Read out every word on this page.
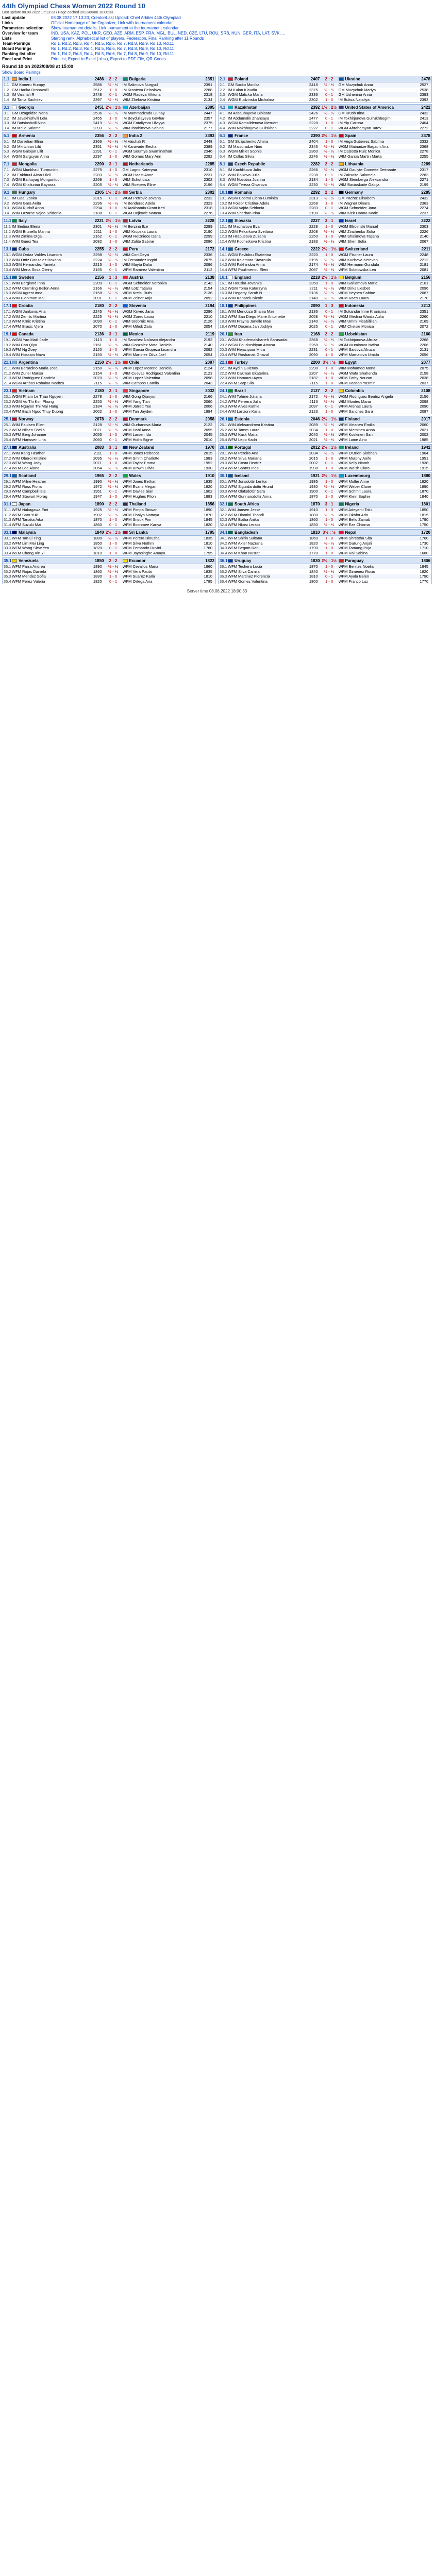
44th Olympiad Chess Women 2022 Round 10
Last update 08.08.2022 17:13:23 / Page cached 2022/08/08 18:00:33
Last update	08.08.2022 17:13:23, Creator/Last Upload: Chief Arbiter 44th Olympiad
Links	Official Homepage of the Organizer, Link with tournament calendar
Parameters selection	Show tournament details, Link tournament to the tournament calendar
Overview for team	IND, USA, KAZ, POL, UKR, GEO, AZE, ARM, ESP, FRA, MGL, BUL, NED, CZE, LTU, ROU, SRB, HUN, GER, ITA, LAT, SVK, ...
Lists	Starting rank, Alphabetical list of players, Federation, Final Ranking after 11 Rounds
Team-Pairings	Rd.1, Rd.2, Rd.3, Rd.4, Rd.5, Rd.6, Rd.7, Rd.8, Rd.9, Rd.10, Rd.11
Board Pairings	Rd.1, Rd.2, Rd.3, Rd.4, Rd.5, Rd.6, Rd.7, Rd.8, Rd.9, Rd.10, Rd.11
Ranking list after	Rd.1, Rd.2, Rd.3, Rd.4, Rd.5, Rd.6, Rd.7, Rd.8, Rd.9, Rd.10, Rd.11
Excel and Print	Print list, Export to Excel (.xlsx), Export to PDF-File, QR-Codes
Round 10 on 2022/08/08 at 15:00
Show Board Pairings
1.1	India 1	2486	2 : 2	Bulgaria	2351
1.1 GM Koneru Humpy	2586	½ - ½	IM Salimova Nurgyul	2391
1.2 GM Harika Dronavalli	2512	1 - 0	IM Krasteva Beloslava	2288
1.3 IM Vaishali R	2448	0 - 1	WGM Radeva Viktoria	2318
1.4 IM Tania Sachdev	2397	½ - ½	WIM Zhekova Kristina	2134
2.1	Poland	2407	2 : 2	Ukraine	2478
2.1 GM Socko Monika	2418	½ - ½	GM Muzychuk Anna	2527
2.2 IM Kulon Klaudia	2375	½ - ½	GM Muzychuk Mariya	2538
2.3 WGM Malicka Maria	2336	0 - 1	GM Ushenina Anna	2393
2.4 WGM Rudzinska Michalina	2302	1 - 0	IM Buksa Nataliya	2393
3.1	Georgia	2451 2½ : 1½	Azerbaijan	2395
3.1 GM Dzagnidze Nana	2536	½ - ½	IM Mammadzada Gunay	2447
3.2 IM Javakhishvili Lela	2455	1 - 0	IM Beydullayeva Govhar	2357
3.3 IM Batsiashvili Nino	2419	½ - ½	WGM Fataliyeva Ulviyya	2375
3.4 IM Melia Salome	2393	½ - ½	WIM Ibrahimova Sabina	2177
4.1	Kazakhstan	2392 1½ : 2½	United States of America	2422
4.1 IM Assaubayeva Bibisara	2426	½ - ½	GM Krush Irina	2432
4.2 IM Abdumalik Zhansaya	2477	0 - 1	IM Tokhirjonova Gulrukhbegim	2413
4.3 WGM Kamalidenova Meruert	2228	1 - 0	IM Yip Carissa	2404
4.4 WIM Nakhbayeva Guliskhan	2227	0 - 1	WGM Abrahamyan Tatev	2272
5.1	Armenia	2356	2 : 2	India 2	2393
5.1 IM Danielian Elina	2366	½ - ½	IM Vaishali R	2448
5.2 IM Mkrtchian Lilit	2351	½ - ½	IM Karavade Eesha	2389
5.3 WGM Galojan Lilit	2291	0 - 1	WGM Soumya Swaminathan	2346
5.4 WGM Sargsyan Anna	2297	1 - 0	WIM Gomes Mary Ann	2282
6.1	France	2390 2½ : 1½	Spain	2378
6.1 GM Skripchenko Almira	2404	1 - 0	IM Vega Gutierrez Sabrina	2332
6.2 IM Maisuradze Nino	2343	½ - ½	WGM Matnadze Bagauri Ana	2368
6.3 WGM Milliet Sophie	2360	½ - ½	IM Calzetta Ruiz Monica	2278
6.4 IM Collas Silvia	2246	½ - ½	WIM Garcia Martin Marta	2255
7.1	Mongolia	2290	3 : 1	Netherlands	2285
7.1 WGM Munkhzul Turmunkh	2275	1 - 0	GM Lagno Kateryna	2310
7.2 IM Enkhtuul Altan-Ulzii	2283	½ - ½	WGM Haast Anne	2231
7.3 WGM Bathuyag Mongontuul	2269	1 - 0	WIM Schut Lisa	2302
7.4 WGM Khaliunaa Bayaraa	2205	½ - ½	WIM Roebers Eline	2196
8.1	Czech Republic	2282	2 : 2	Lithuania	2289
8.1 IM Kachlikova Julia	2266	½ - ½	WGM Daulyte-Cornette Deimante	2317
8.2 WIM Bojkova Julia	2238	0 - 1	IM Zaksaite Salomeja	2283
8.3 WIM Novotna Joanna	2184	1 - 0	WGM Steinberga Aleksandra	2271
8.4 WGM Tereza Olsarova	2230	½ - ½	WIM Baciuskaite Gabija	2199
9.1	Hungary	2305 1½ : 2½	Serbia	2302
9.1 IM Gaal Zsoka	2315	0 - 1	WGM Petrovic Jovana	2232
9.2 WGM Gara Anita	2296	½ - ½	IM Benderac Adela	2323
9.3 WGM Rudolf Anna	2294	1 - 0	IM Arakhamia-Grant Keti	2318
9.4 WIM Lazarne Vajda Szidonia	2188	0 - 1	WGM Bojkovic Natasa	2276
10.1 Romania	2292	2 : 2	Germany	2285
10.1 WGM Cosma Elena-Luminita	2313	½ - ½	GM Paehtz Elisabeth	2432
10.2 IM Foisor Cristina-Adela	2268	1 - 0	IM Wagner Dinara	2363
10.3 WGM Vajda Szidonia	2283	0 - 1	WGM Schneider Jana	2274
10.4 WIM Sherban Irina	2190	½ - ½	WIM Klek Hanna Marie	2237
11.1 Italy	2221 2½ : 1½	Latvia	2228
11.1 IM Sedina Elena	2301	½ - ½	IM Berzina Ilze	2299
11.2 WGM Brunello Marina	2211	1 - 0	WIM Krupska Laura	2190
11.3 WIM Zimina Olga	2162	0 - 1	WGM Reizniece Dana	2299
11.4 WIM Gueci Tea	2082	1 - 0	WIM Zalite Sabine	2086
12.1 Slovakia	2227	3 : 1	Israel	2222
12.1 IM Machalova Eva	2228	1 - 0	WGM Efroimski Marsel	2303
12.2 WGM Pekarkova Svetlana	2208	½ - ½	WIM Zinchenko Sofia	2226
12.3 IM Hrabusova Zuzana	2250	1 - 0	WIM Shalimova Tatjana	2140
12.4 WIM Kochetkova Kristina	2183	½ - ½	WIM Shen Sofia	2067
13.1 Cuba	2255	2 : 2	Peru	2172
13.1 WGM Ordaz Valdes Lisandra	2298	½ - ½	WIM Cori Deysi	2336
13.2 WIM Ortiz Gonzalez Roxana	2224	½ - ½	IM Fernandez Ingrid	2075
13.3 WGM Hernandez Yaniela	2215	1 - 0	WIM Mayta Dalia	2096
13.4 WIM Mena Sosa Oleiny	2165	0 - 1	WFM Ramirez Valentina	2112
14.1 Greece	2222 2½ : 1½	Switzerland	2211
14.1 WGM Pavlidou Ekaterina	2220	1 - 0	WGM Fischer Laura	2248
14.2 WIM Kalamara Stavroula	2195	½ - ½	WIM Kuchava Ketevan	2212
14.3 WIM Fakhiridou Anna	2174	½ - ½	WIM Hermann Gundula	2181
14.4 WFM Poulimenou Eleni	2067	½ - ½	WFM Sobkowska Lea	2081
15.1 Sweden	2156	1 : 3	Austria	2138
15.1 WIM Berglund Inna	2209	0 - 1	WGM Schneider Veronika	2143
15.2 WFM Cramling Bellon Anna	2166	½ - ½	WIM Lotz Tatjana	2154
15.3 WGM Agrest Inna	2158	½ - ½	WFM Kreisl Ruth	2136
15.4 WIM Bjorkman Mai	2091	0 - 1	WFM Zeiner Anja	2092
16.1 England	2218 2½ : 1½	Belgium	2156
16.1 IM Houska Jovanka	2350	1 - 0	WIM Galliamova Maria	2161
16.2 WGM Toma Katarzyna	2211	½ - ½	WIM Dirks Liesbet	2096
16.3 IM Hegarty Sarah N	2136	½ - ½	WFM Heynen Sabine	2087
16.4 WIM Kanarek Nicole	2140	½ - ½	WFM Raes Laura	2170
17.1 Croatia	2180	2 : 2	Slovenia	2194
17.1 WGM Jankovic Ana	2245	½ - ½	WGM Krivec Jana	2296
17.2 WIM Zemlic Martina	2225	½ - ½	WGM Zorec Laura	2210
17.3 WFM Krnic Kristina	2090	0 - 1	WIM Srebrnic Ana	2126
17.4 WFM Brasic Vjera	2070	1 - 0	WFM Mihok Zala	2054
18.1 Philippines	2090	1 : 3	Indonesia	2213
18.1 WIM Mendoza Shania Mae	2136	0 - 1	IM Sukandar Irine Kharisma	2351
18.2 WFM San Diego Marie Antoinette	2058	½ - ½	WGM Medina Warda Aulia	2260
18.3 WIM Frayna Janelle Mae	2140	½ - ½	WIM Ummi Fisabilillah	2169
18.4 WFM Docena Jan Jodilyn	2025	0 - 1	WIM Chelsie Monica	2072
19.1 Canada	2136	3 : 1	Mexico	2119
19.1 WGM Yao Maili-Jade	2113	1 - 0	IM Sanchez Nolasco Alejandra	2192
19.2 WIM Cao Qiyu	2161	½ - ½	WIM Gonzalez Mata Daniela	2140
19.3 WFM Ng Zoey	2120	1 - 0	WFM Garcia Oropeza Lisandra	2092
19.4 WIM Hossain Nava	2150	½ - ½	WFM Martinez Oliva Jael	2054
20.1 Iran	2168	2 : 2	Uzbekistan	2160
20.1 WGM Khademalsharieh Sarasadat	2368	½ - ½	IM Tokhirjonova Afruza	2268
20.2 WGM Pourkashiyan Atousa	2268	½ - ½	WGM Muminova Nafisa	2206
20.3 WIM Hejazipour Mitra	2231	0 - 1	WFM Saidova Afruza	2131
20.4 WFM Roshanak Ghazal	2090	1 - 0	WFM Mamatova Umida	2056
21.1 Argentina	2150 2½ : 1½	Chile	2097
21.1 WIM Berardino Maria Jose	2150	½ - ½	WFM Lopez Moreno Daniela	2124
21.2 WIM Zuriel Marisa	2154	1 - 0	WIM Cuevas Rodriguez Valentina	2123
21.3 WFM Rodriguez Candela	2070	½ - ½	WFM Lopez Valentina	2098
21.4 WGM Arribas Robaina Maritza	2115	½ - ½	WIM Campos Camila	2043
22.1 Turkey	2200 3½ : ½	Egypt	2077
22.1 IM Aydin Gulenay	2290	1 - 0	WIM Mohamed Mona	2075
22.2 WIM Cakmak Ekaterina	2207	½ - ½	WGM Wafa Shahenda	2158
22.3 WIM Hamurcu Ayca	2187	1 - 0	WFM Fathy Nouran	2038
22.4 WFM Sarp Sila	2115	1 - 0	WFM Hassan Yasmin	2037
23.1 Vietnam	2180	3 : 1	Singapore	2032
23.1 WGM Pham Le Thao Nguyen	2278	1 - 0	WIM Gong Qianyun	2166
23.2 WGM Vo Thi Kim Phung	2253	½ - ½	WFM Yang Tian	2060
23.3 WIM Nguyen Thi Mai Hung	2184	½ - ½	WFM Jarrett Yee	2006
23.4 WFM Bach Ngoc Thuy Duong	2002	1 - 0	WFM Tan Jayden	1894
24.1 Brazil	2127	2 : 2	Colombia	2108
24.1 WIM Tohme Juliana	2172	½ - ½	WGM Rodriguez Beatriz Angela	2156
24.2 WFM Ferreira Julia	2116	½ - ½	WIM Montes Maria	2098
24.3 WFM Alves Kathie	2097	0 - 1	WFM Arenas Laura	2090
24.4 WIM Lanzoni Karla	2123	1 - 0	WFM Sanchez Sara	2087
25.1 Norway	2078	2 : 2	Denmark	2058
25.1 WIM Paulsen Ellen	2128	½ - ½	WIM Gurbanova Maria	2122
25.2 WFM Nilsen Sheila	2071	½ - ½	WFM Dahl Anna	2055
25.3 WFM Berg Johanne	2055	1 - 0	WFM Larsen Ida	2045
25.4 WFM Hanssen Lina	2060	0 - 1	WFM Holm Signe	2010
26.1 Estonia	2046 2½ : 1½	Finland	2017
26.1 WIM Aleksandrova Kristina	2089	½ - ½	WFM Virtanen Emilia	2060
26.2 WFM Tamm Laura	2034	1 - 0	WFM Nieminen Anna	2021
26.3 WFM Kask Maria	2040	½ - ½	WFM Koskinen Sari	2002
26.4 WFM Lepp Kadri	2021	½ - ½	WFM Laine Aino	1985
27.1 Australia	2083	3 : 1	New Zealand	1970
27.1 WIM Kang Heather	2111	1 - 0	WFM Jones Rebecca	2015
27.2 WIM Oberoi Kristine	2095	½ - ½	WFM Smith Charlotte	1983
27.3 WFM Wang Jody	2071	1 - 0	WFM Taylor Emma	1952
27.4 WFM Lee Alana	2054	½ - ½	WFM Brown Olivia	1930
28.1 Portugal	2012 2½ : 1½	Ireland	1942
28.1 WFM Pereira Ana	2034	½ - ½	WFM O'Brien Siobhan	1964
28.2 WFM Silva Mariana	2015	1 - 0	WFM Murphy Aoife	1951
28.3 WFM Costa Beatriz	2002	0 - 1	WFM Kelly Niamh	1938
28.4 WFM Santos Ines	1998	1 - 0	WFM Walsh Ciara	1915
29.1 Scotland	1965	2 : 2	Wales	1910
29.1 WFM Milne Heather	1990	½ - ½	WFM Jones Bethan	1935
29.2 WFM Ross Fiona	1972	½ - ½	WFM Evans Megan	1920
29.3 WFM Campbell Isla	1951	0 - 1	WFM Davies Sian	1902
29.4 WFM Stewart Morag	1947	1 - 0	WFM Hughes Ffion	1883
30.1 Iceland	1921 2½ : 1½	Luxembourg	1880
30.1 WFM Jonsdottir Lenka	1985	1 - 0	WFM Muller Anne	1920
30.2 WFM Sigurdardottir Hrund	1930	½ - ½	WFM Weber Claire	1890
30.3 WFM Olafsdottir Sara	1900	0 - 1	WFM Schmit Laura	1870
30.4 WFM Gunnarsdottir Anna	1870	1 - 0	WFM Klein Sophie	1840
31.1 Japan	1890	2 : 2	Thailand	1856
31.1 WFM Nakagawa Emi	1925	½ - ½	WFM Pimpa Siriwan	1890
31.2 WFM Sato Yuki	1902	½ - ½	WFM Chaiyo Nattaya	1870
31.3 WFM Tanaka Aiko	1870	1 - 0	WFM Srisuk Pim	1845
31.4 WFM Suzuki Mai	1860	0 - 1	WFM Boonmee Kanya	1820
32.1 South Africa	1870	3 : 1	Nigeria	1801
32.1 WIM Jansen Jesse	1910	1 - 0	WFM Adeyemi Tolu	1850
32.2 WFM Dlamini Thandi	1880	½ - ½	WFM Okafor Ada	1815
32.3 WFM Botha Anika	1860	1 - 0	WFM Bello Zainab	1790
32.4 WFM Nkosi Lerato	1830	½ - ½	WFM Eze Chioma	1750
33.1 Malaysia	1840 2½ : 1½	Sri Lanka	1795
33.1 WFM Tan Li Ting	1880	½ - ½	WFM Perera Dinusha	1835
33.2 WFM Lim Mei Ling	1850	1 - 0	WFM Silva Nethmi	1810
33.3 WFM Wong Siew Yen	1820	0 - 1	WFM Fernando Ruvini	1780
33.4 WFM Chong Xin Yi	1810	1 - 0	WFM Jayasinghe Amaya	1755
34.1 Bangladesh	1810 3½ : ½	Nepal	1720
34.1 WFM Shirin Sultana	1860	1 - 0	WFM Shrestha Sita	1760
34.2 WFM Akter Nazrana	1820	½ - ½	WFM Gurung Anjali	1730
34.3 WFM Begum Rani	1790	1 - 0	WFM Tamang Puja	1710
34.4 WFM Khan Nusrat	1770	1 - 0	WFM Rai Sabina	1680
35.1 Venezuela	1850	2 : 2	Ecuador	1822
35.1 WFM Parra Andrea	1890	½ - ½	WFM Cevallos Maria	1860
35.2 WFM Rojas Daniela	1860	½ - ½	WFM Vera Paula	1835
35.3 WFM Mendez Sofia	1830	1 - 0	WFM Suarez Karla	1810
35.4 WFM Perez Valeria	1820	0 - 1	WFM Ortega Ana	1785
36.1 Uruguay	1830 2½ : 1½	Paraguay	1806
36.1 WFM Techera Lucia	1870	1 - 0	WFM Benitez Noelia	1845
36.2 WFM Silva Camila	1840	½ - ½	WFM Gimenez Rocio	1820
36.3 WFM Martinez Florencia	1810	0 - 1	WFM Ayala Belen	1790
36.4 WFM Gomez Valentina	1800	1 - 0	WFM Franco Luz	1770
Server time 08.08.2022 18:00:33
